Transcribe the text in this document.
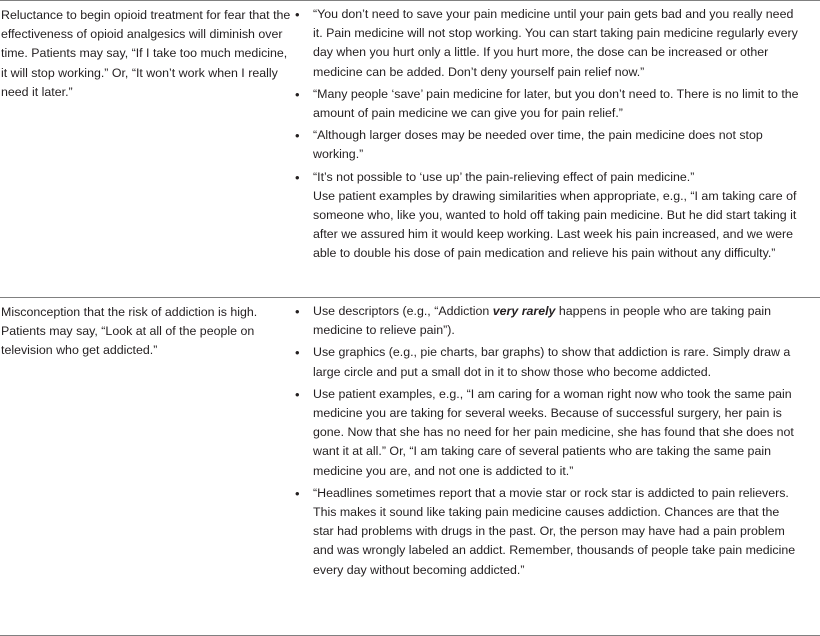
Reluctance to begin opioid treatment for fear that the effectiveness of opioid analgesics will diminish over time. Patients may say, “If I take too much medicine, it will stop working.” Or, “It won’t work when I really need it later.”
• “You don’t need to save your pain medicine until your pain gets bad and you really need it. Pain medicine will not stop working. You can start taking pain medicine regularly every day when you hurt only a little. If you hurt more, the dose can be increased or other medicine can be added. Don’t deny yourself pain relief now.”
• “Many people ‘save’ pain medicine for later, but you don’t need to. There is no limit to the amount of pain medicine we can give you for pain relief.”
• “Although larger doses may be needed over time, the pain medicine does not stop working.”
• “It’s not possible to ‘use up’ the pain-relieving effect of pain medicine.”
Use patient examples by drawing similarities when appropriate, e.g., “I am taking care of someone who, like you, wanted to hold off taking pain medicine. But he did start taking it after we assured him it would keep working. Last week his pain increased, and we were able to double his dose of pain medication and relieve his pain without any difficulty.”
Misconception that the risk of addiction is high. Patients may say, “Look at all of the people on television who get addicted.”
• Use descriptors (e.g., “Addiction very rarely happens in people who are taking pain medicine to relieve pain”).
• Use graphics (e.g., pie charts, bar graphs) to show that addiction is rare. Simply draw a large circle and put a small dot in it to show those who become addicted.
• Use patient examples, e.g., “I am caring for a woman right now who took the same pain medicine you are taking for several weeks. Because of successful surgery, her pain is gone. Now that she has no need for her pain medicine, she has found that she does not want it at all.” Or, “I am taking care of several patients who are taking the same pain medicine you are, and not one is addicted to it.”
• “Headlines sometimes report that a movie star or rock star is addicted to pain relievers. This makes it sound like taking pain medicine causes addiction. Chances are that the star had problems with drugs in the past. Or, the person may have had a pain problem and was wrongly labeled an addict. Remember, thousands of people take pain medicine every day without becoming addicted.”
